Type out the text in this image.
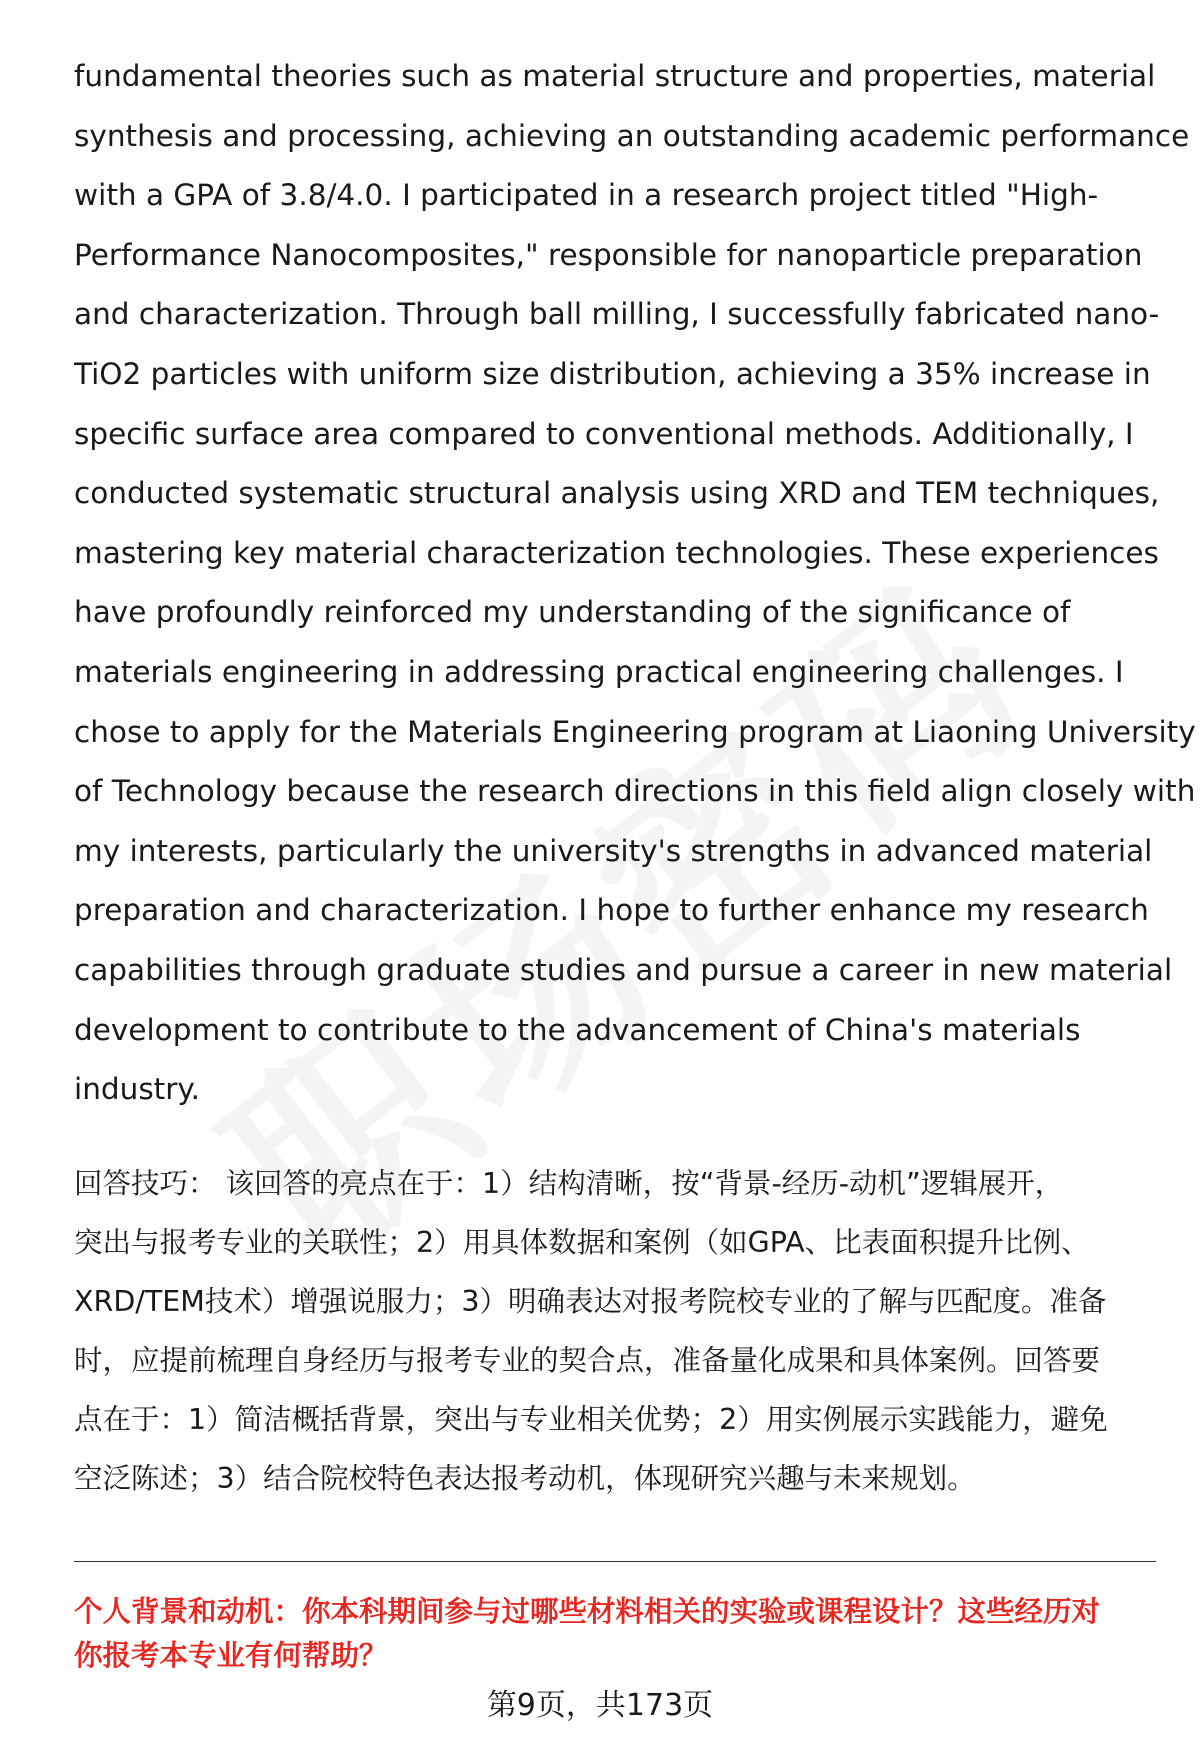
fundamental theories such as material structure and properties, material
synthesis and processing, achieving an outstanding academic performance
with a GPA of 3.8/4.0. I participated in a research project titled "High-
Performance Nanocomposites," responsible for nanoparticle preparation
and characterization. Through ball milling, I successfully fabricated nano-
TiO2 particles with uniform size distribution, achieving a 35% increase in
specific surface area compared to conventional methods. Additionally, I
conducted systematic structural analysis using XRD and TEM techniques,
mastering key material characterization technologies. These experiences
have profoundly reinforced my understanding of the significance of
materials engineering in addressing practical engineering challenges. I
chose to apply for the Materials Engineering program at Liaoning University
of Technology because the research directions in this field align closely with
my interests, particularly the university's strengths in advanced material
preparation and characterization. I hope to further enhance my research
capabilities through graduate studies and pursue a career in new material
development to contribute to the advancement of China's materials
industry.
回答技巧： 该回答的亮点在于：1）结构清晰，按“背景-经历-动机”逻辑展开，
突出与报考专业的关联性；2）用具体数据和案例（如GPA、比表面积提升比例、
XRD/TEM技术）增强说服力；3）明确表达对报考院校专业的了解与匹配度。准备
时，应提前梳理自身经历与报考专业的契合点，准备量化成果和具体案例。回答要
点在于：1）简洁概括背景，突出与专业相关优势；2）用实例展示实践能力，避免
空泛陈述；3）结合院校特色表达报考动机，体现研究兴趣与未来规划。
个人背景和动机：你本科期间参与过哪些材料相关的实验或课程设计？这些经历对
你报考本专业有何帮助？
第9页，共173页
